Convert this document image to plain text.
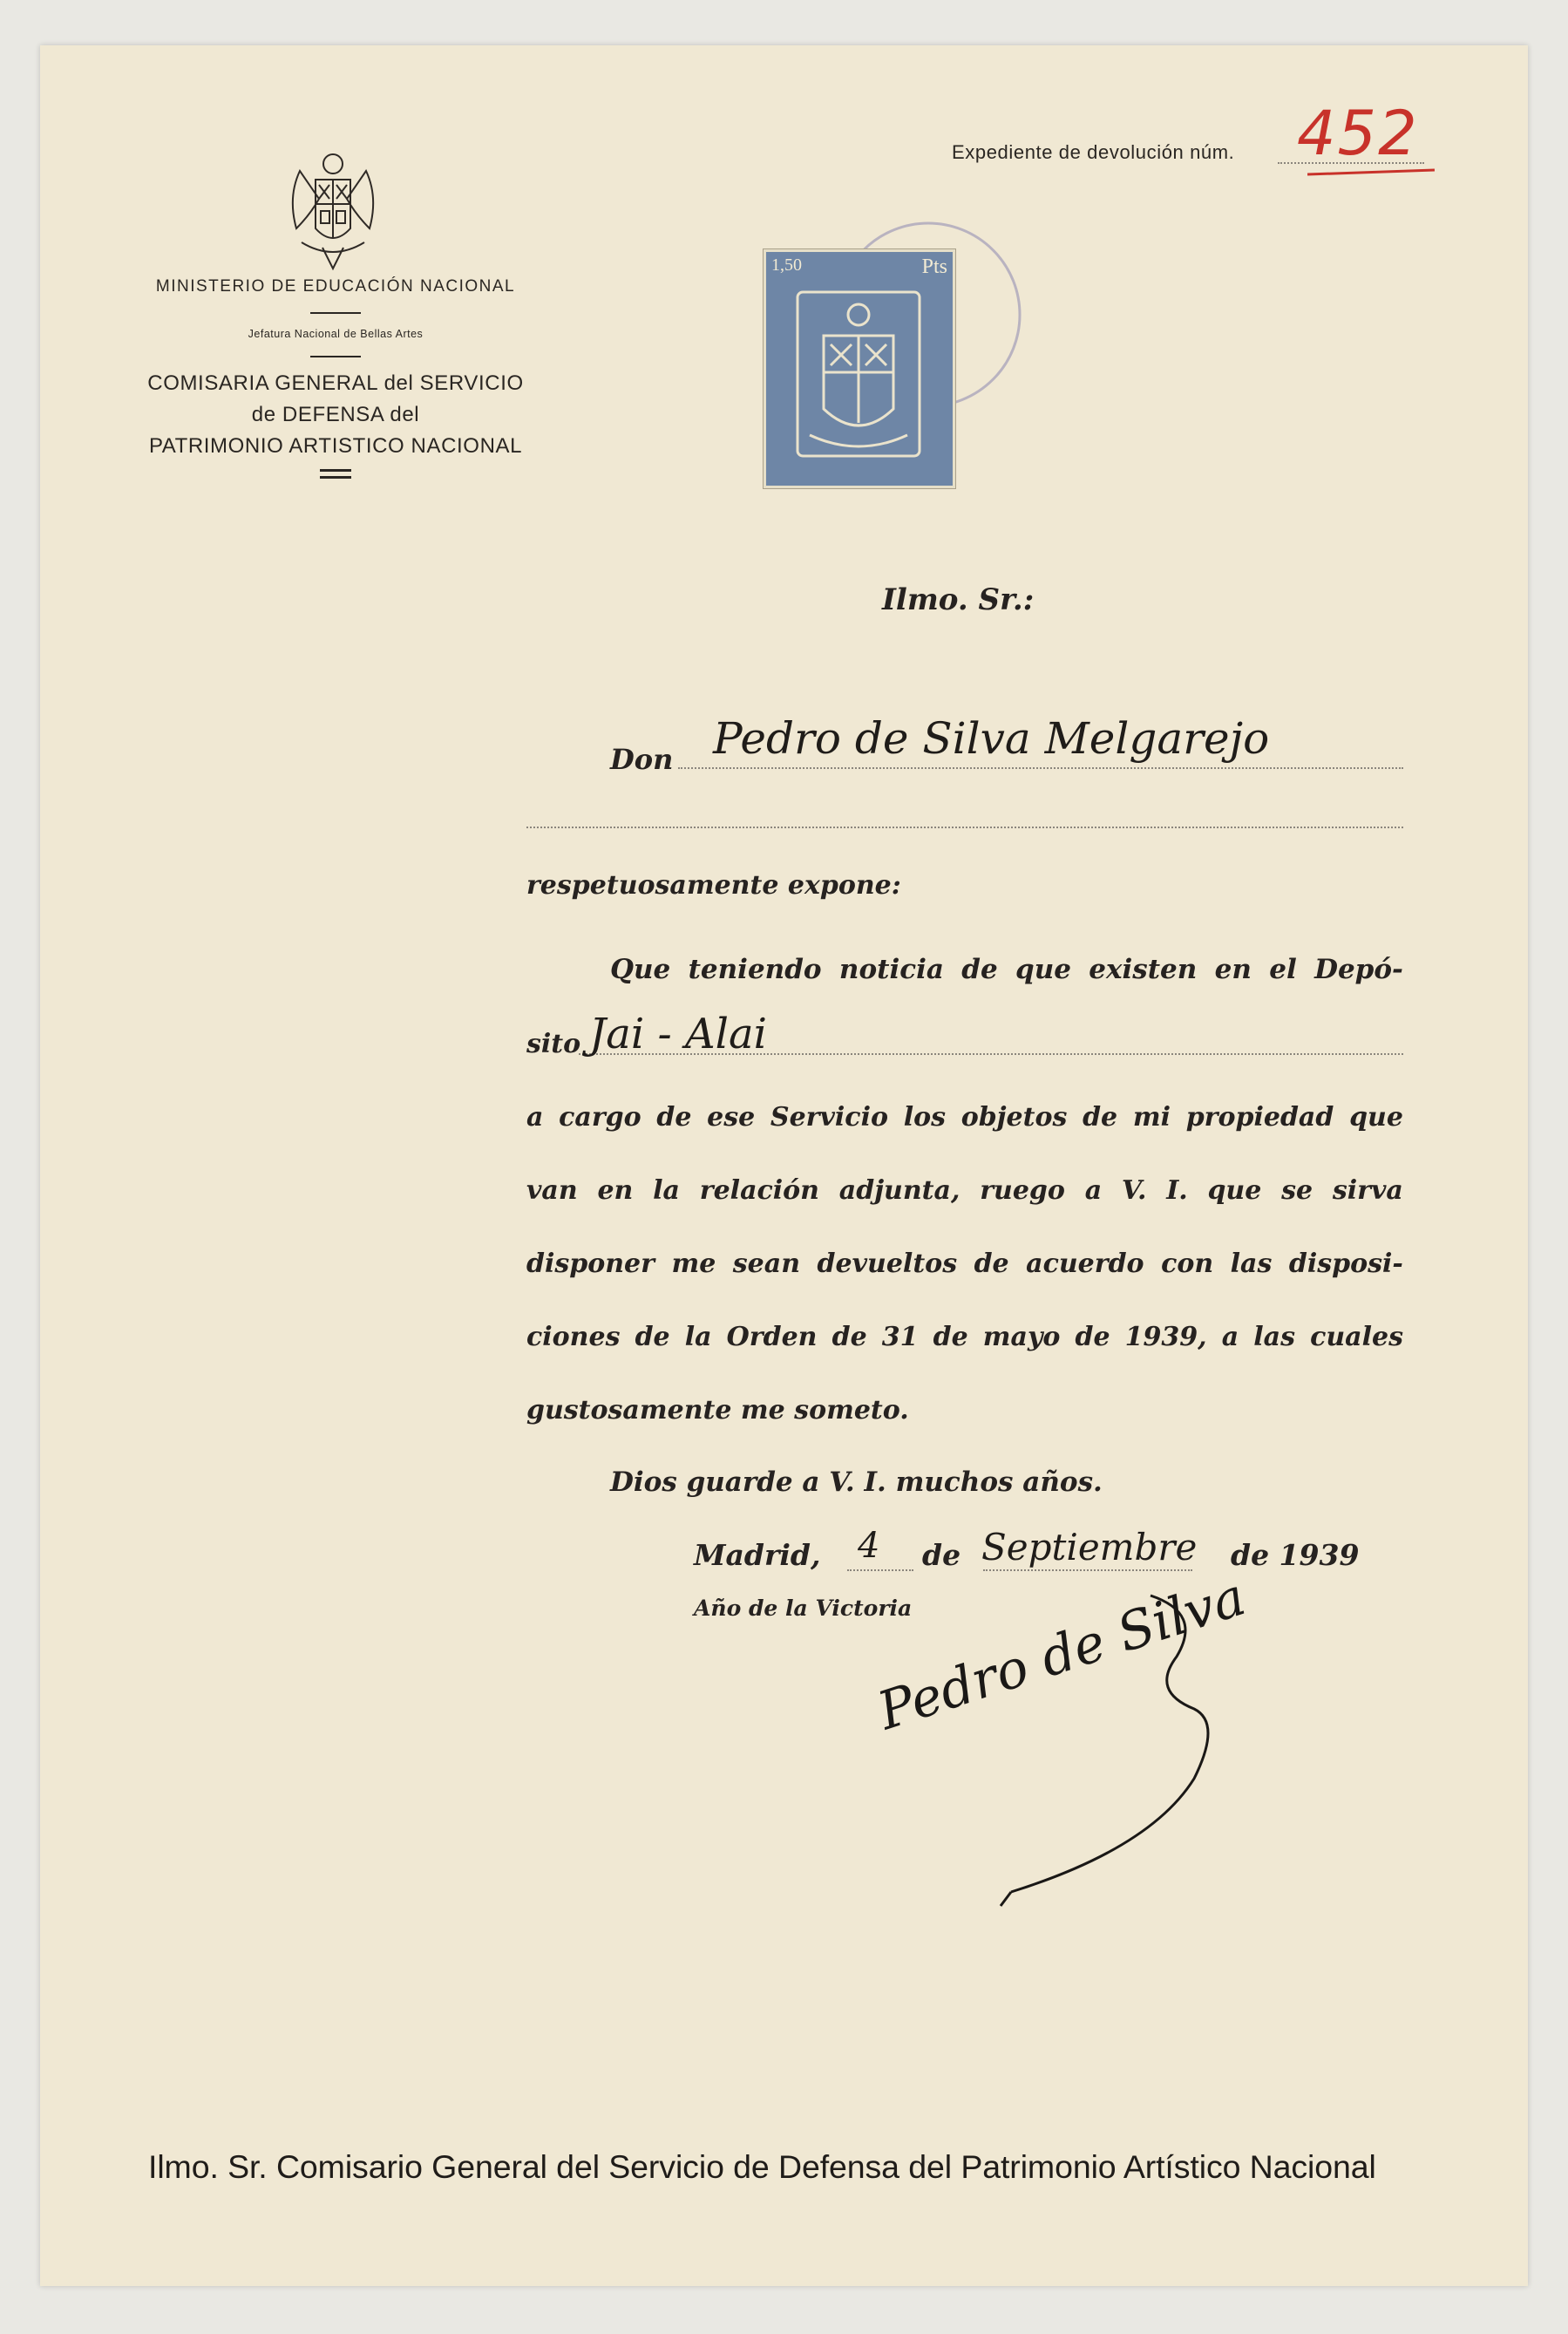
MINISTERIO DE EDUCACIÓN NACIONAL
Jefatura Nacional de Bellas Artes
COMISARIA GENERAL del SERVICIO
de DEFENSA del
PATRIMONIO ARTISTICO NACIONAL
Expediente de devolución núm. 452
1,50	Pts
Ilmo. Sr.:
Don Pedro de Silva Melgarejo
respetuosamente expone:
Que teniendo noticia de que existen en el Depó-
sito Jai - Alai
a cargo de ese Servicio los objetos de mi propiedad que
van en la relación adjunta, ruego a V. I. que se sirva
disponer me sean devueltos de acuerdo con las disposi-
ciones de la Orden de 31 de mayo de 1939, a las cuales
gustosamente me someto.
Dios guarde a V. I. muchos años.
Madrid, 4 de Septiembre de 1939
Año de la Victoria
Pedro de Silva
Ilmo. Sr. Comisario General del Servicio de Defensa del Patrimonio Artístico Nacional
